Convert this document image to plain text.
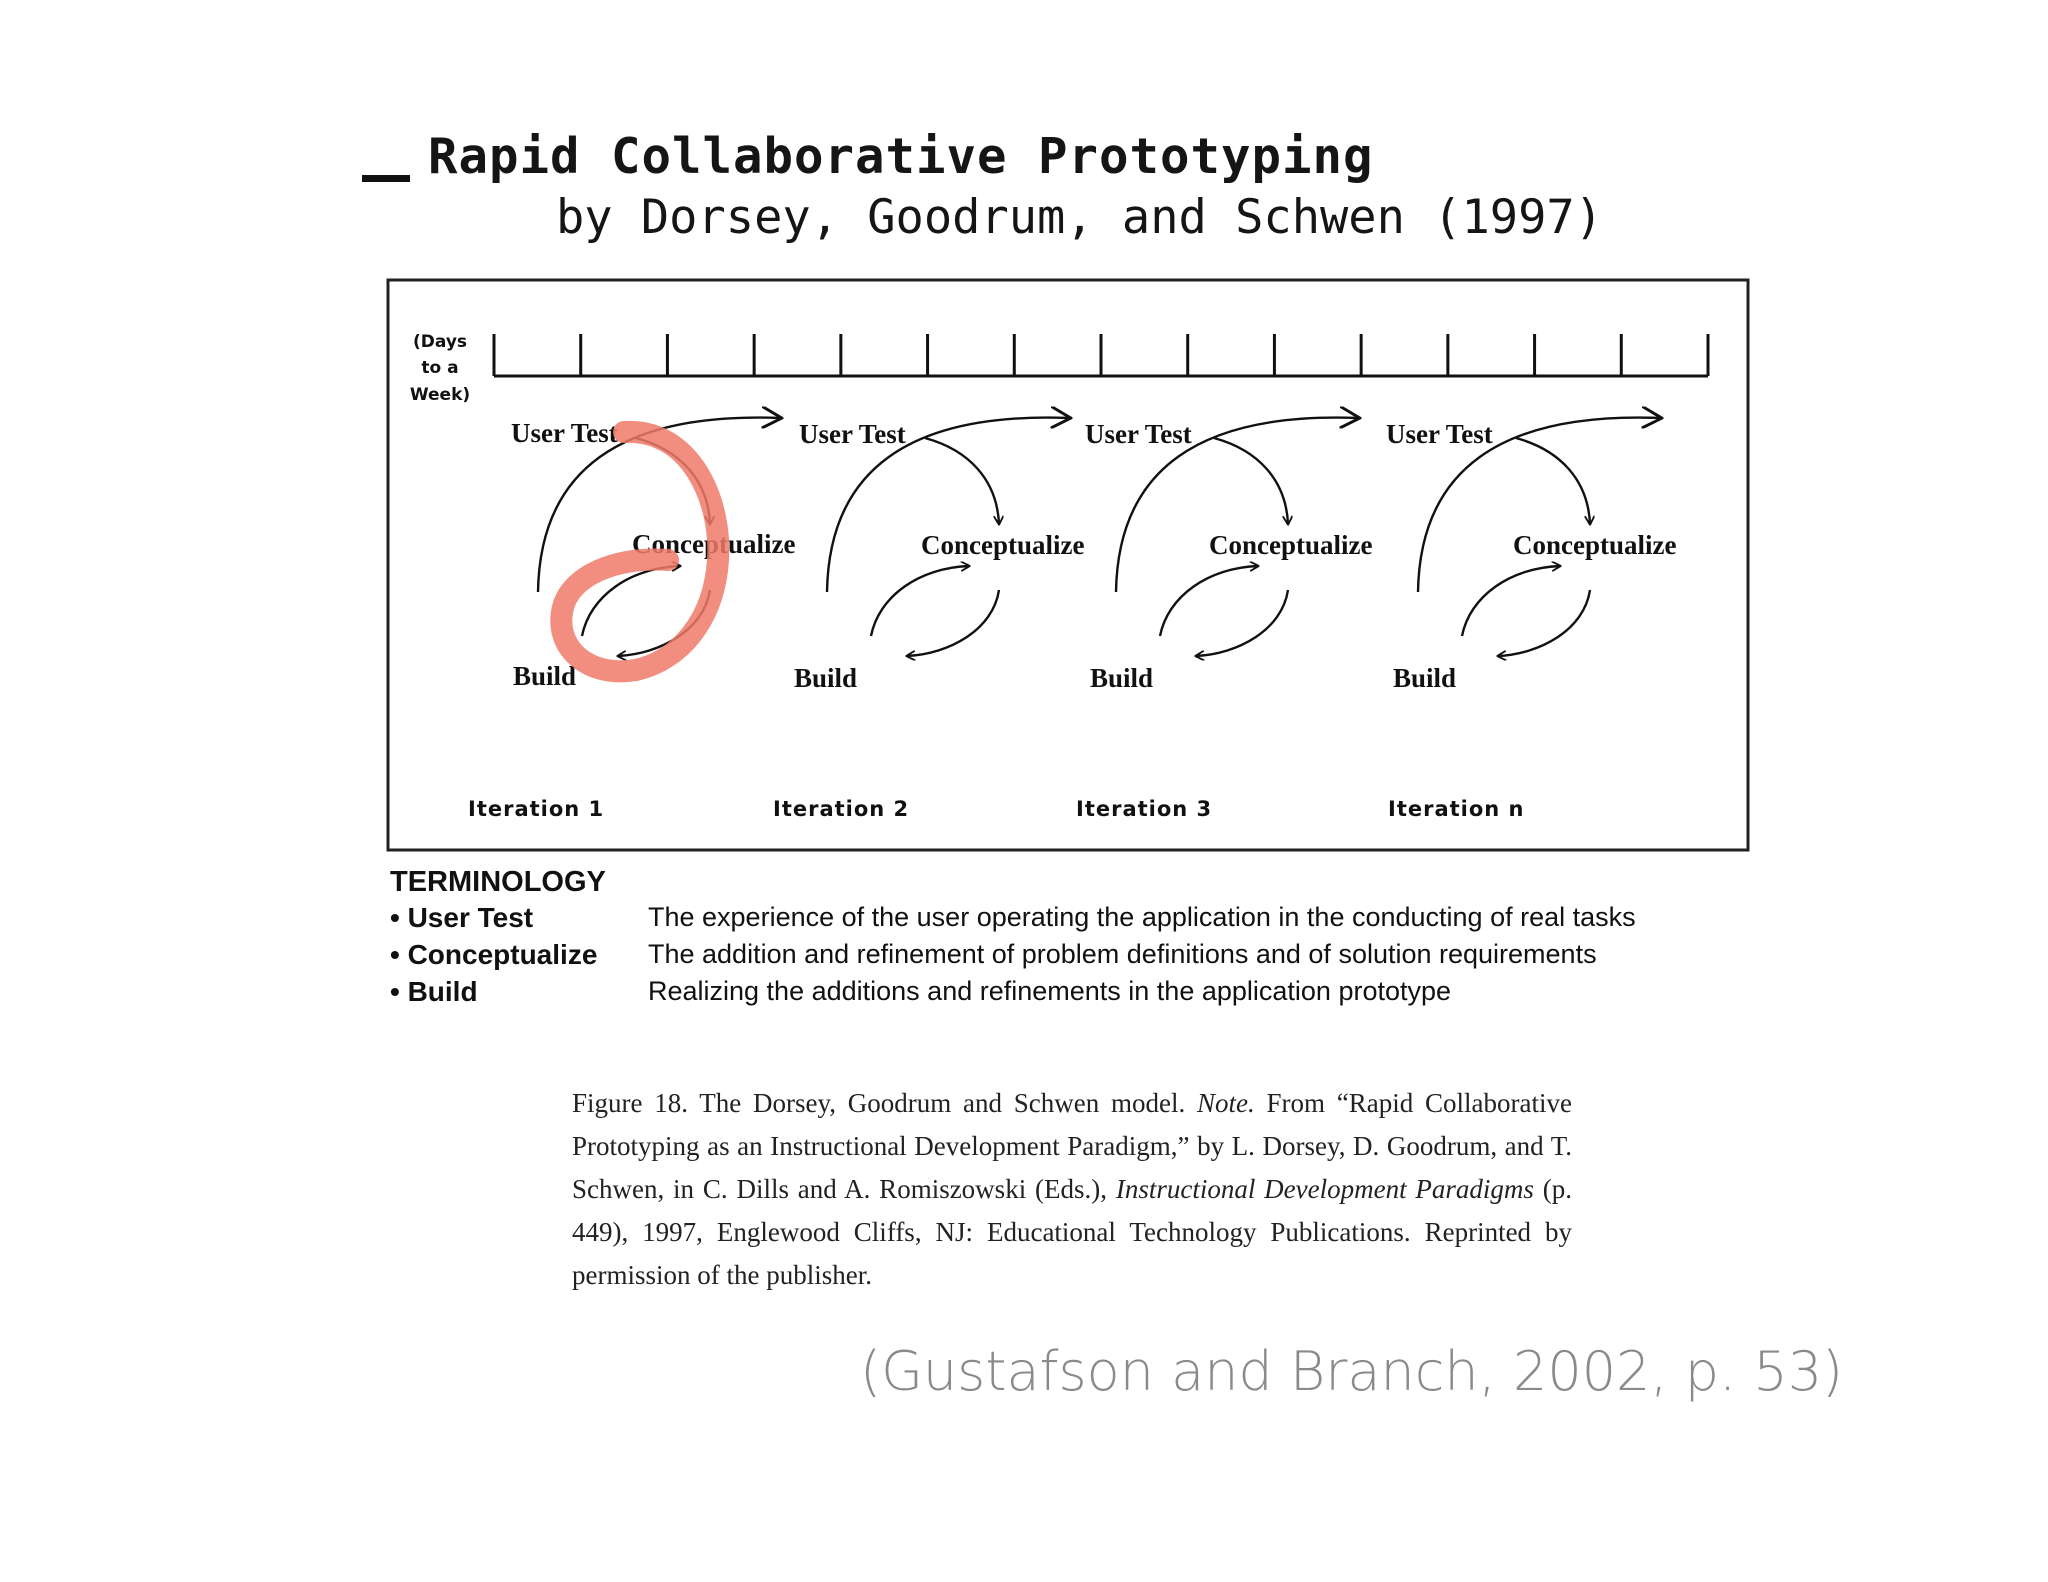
Rapid Collaborative Prototyping
by Dorsey, Goodrum, and Schwen (1997)
(Days
to a
Week)
Iteration 1	Iteration 2	Iteration 3	Iteration n
User Test	User Test	User Test	User Test
Conceptualize	Conceptualize	Conceptualize	Conceptualize
Build	Build	Build	Build
TERMINOLOGY
• User Test	The experience of the user operating the application in the conducting of real tasks
• Conceptualize The addition and refinement of problem definitions and of solution requirements
• Build	Realizing the additions and refinements in the application prototype
Figure 18. The Dorsey, Goodrum and Schwen model. Note. From “Rapid Collaborative Prototyping as an Instructional Development Paradigm,” by L. Dorsey, D. Goodrum, and T. Schwen, in C. Dills and A. Romiszowski (Eds.), Instructional Development Paradigms (p. 449), 1997, Englewood Cliffs, NJ: Educational Technology Publications. Reprinted by permission of the publisher.
(Gustafson and Branch, 2002, p. 53)
